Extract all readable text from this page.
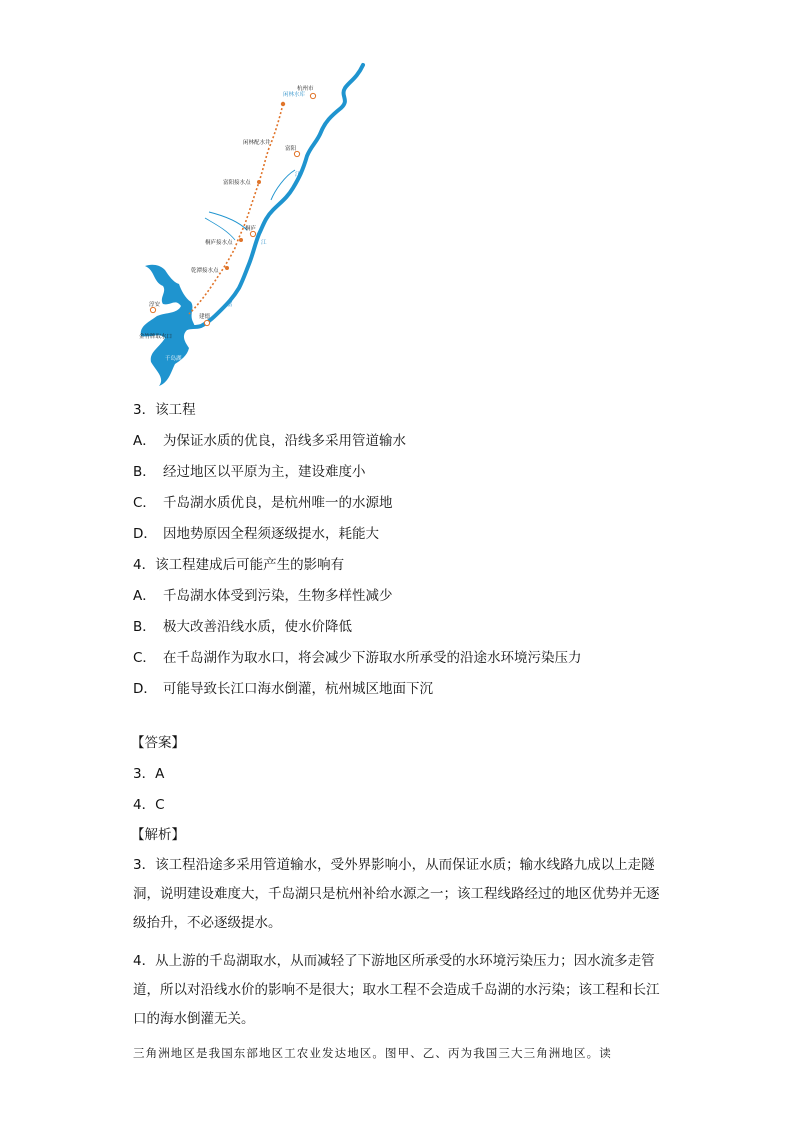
杭州市
闲林水库
闲林配水井
富阳
富阳接水点
江
桐庐
桐庐接水点	江
乾潭接水点
淳安
金竹牌取水口
建德
富
千岛湖
3．该工程
A． 为保证水质的优良，沿线多采用管道输水
B． 经过地区以平原为主，建设难度小
C． 千岛湖水质优良，是杭州唯一的水源地
D． 因地势原因全程须逐级提水，耗能大
4．该工程建成后可能产生的影响有
A． 千岛湖水体受到污染，生物多样性减少
B． 极大改善沿线水质，使水价降低
C． 在千岛湖作为取水口，将会减少下游取水所承受的沿途水环境污染压力
D． 可能导致长江口海水倒灌，杭州城区地面下沉
【答案】
3．A
4．C
【解析】
3．该工程沿途多采用管道输水，受外界影响小，从而保证水质；输水线路九成以上走隧洞，说明建设难度大，千岛湖只是杭州补给水源之一；该工程线路经过的地区优势并无逐级抬升，不必逐级提水。
4．从上游的千岛湖取水，从而减轻了下游地区所承受的水环境污染压力；因水流多走管道，所以对沿线水价的影响不是很大；取水工程不会造成千岛湖的水污染；该工程和长江口的海水倒灌无关。
三角洲地区是我国东部地区工农业发达地区。图甲、乙、丙为我国三大三角洲地区。读
